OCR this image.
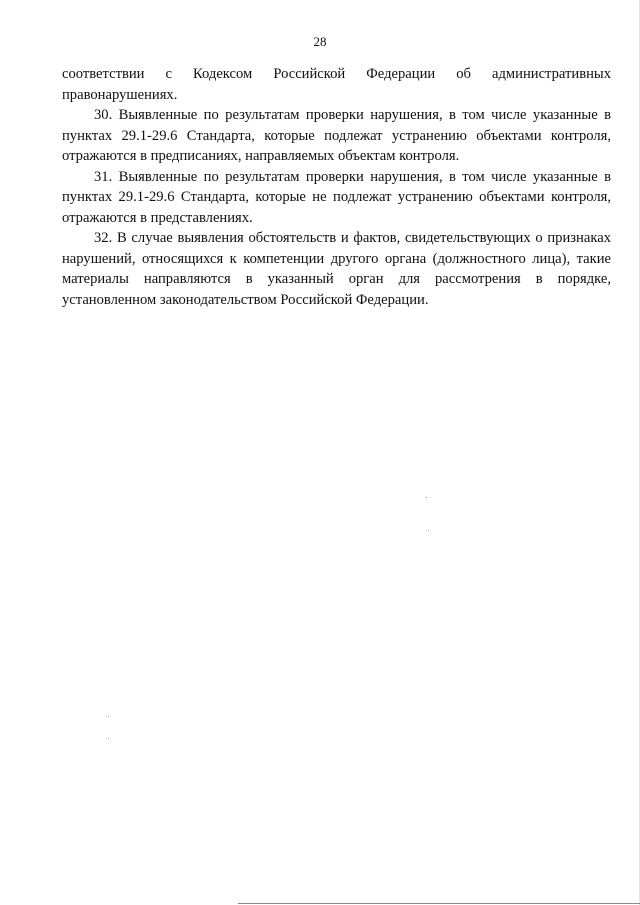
28

соответствии с Кодексом Российской Федерации об административных правонарушениях.

30. Выявленные по результатам проверки нарушения, в том числе указанные в пунктах 29.1-29.6 Стандарта, которые подлежат устранению объектами контроля, отражаются в предписаниях, направляемых объектам контроля.

31. Выявленные по результатам проверки нарушения, в том числе указанные в пунктах 29.1-29.6 Стандарта, которые не подлежат устранению объектами контроля, отражаются в представлениях.

32. В случае выявления обстоятельств и фактов, свидетельствующих о признаках нарушений, относящихся к компетенции другого органа (должностного лица), такие материалы направляются в указанный орган для рассмотрения в порядке, установленном законодательством Российской Федерации.
